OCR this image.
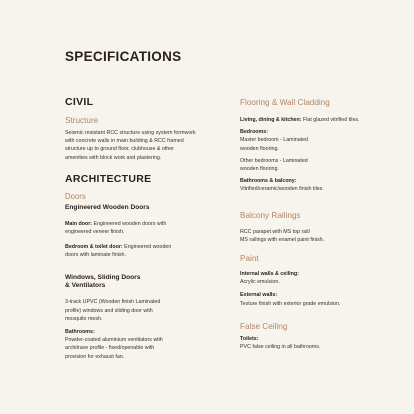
SPECIFICATIONS
CIVIL

Structure

Seismic resistant RCC structure using system formwork

with concrete walls in main building & RCC framed

structure up to ground floor, clubhouse & other

amenities with block work and plastering.

ARCHITECTURE

Doors

Engineered Wooden Doors

Main door: Engineered wooden doors with

engineered veneer finish.

Bedroom & toilet door: Engineered wooden

doors with laminate finish.

Windows, Sliding Doors

& Ventilators

3-track UPVC (Wooden finish Laminated

profile) windows and sliding door with

mosquito mesh.

Bathrooms:

Powder-coated aluminium ventilators with

architrave profile - fixed/openable with

provision for exhaust fan.

Flooring & Wall Cladding

Living, dining & kitchen: Flat glazed vitrified tiles.

Bedrooms:

Master bedroom - Laminated

wooden flooring.

Other bedrooms - Laminated

wooden flooring.

Bathrooms & balcony:

Vitrified/ceramic/wooden finish tiles.

Balcony Railings

RCC parapet with MS top rail/

MS railings with enamel paint finish.

Paint

Internal walls & ceiling:

Acrylic emulsion.

External walls:

Texture finish with exterior grade emulsion.

False Ceiling

Toilets:

PVC false ceiling in all bathrooms.
